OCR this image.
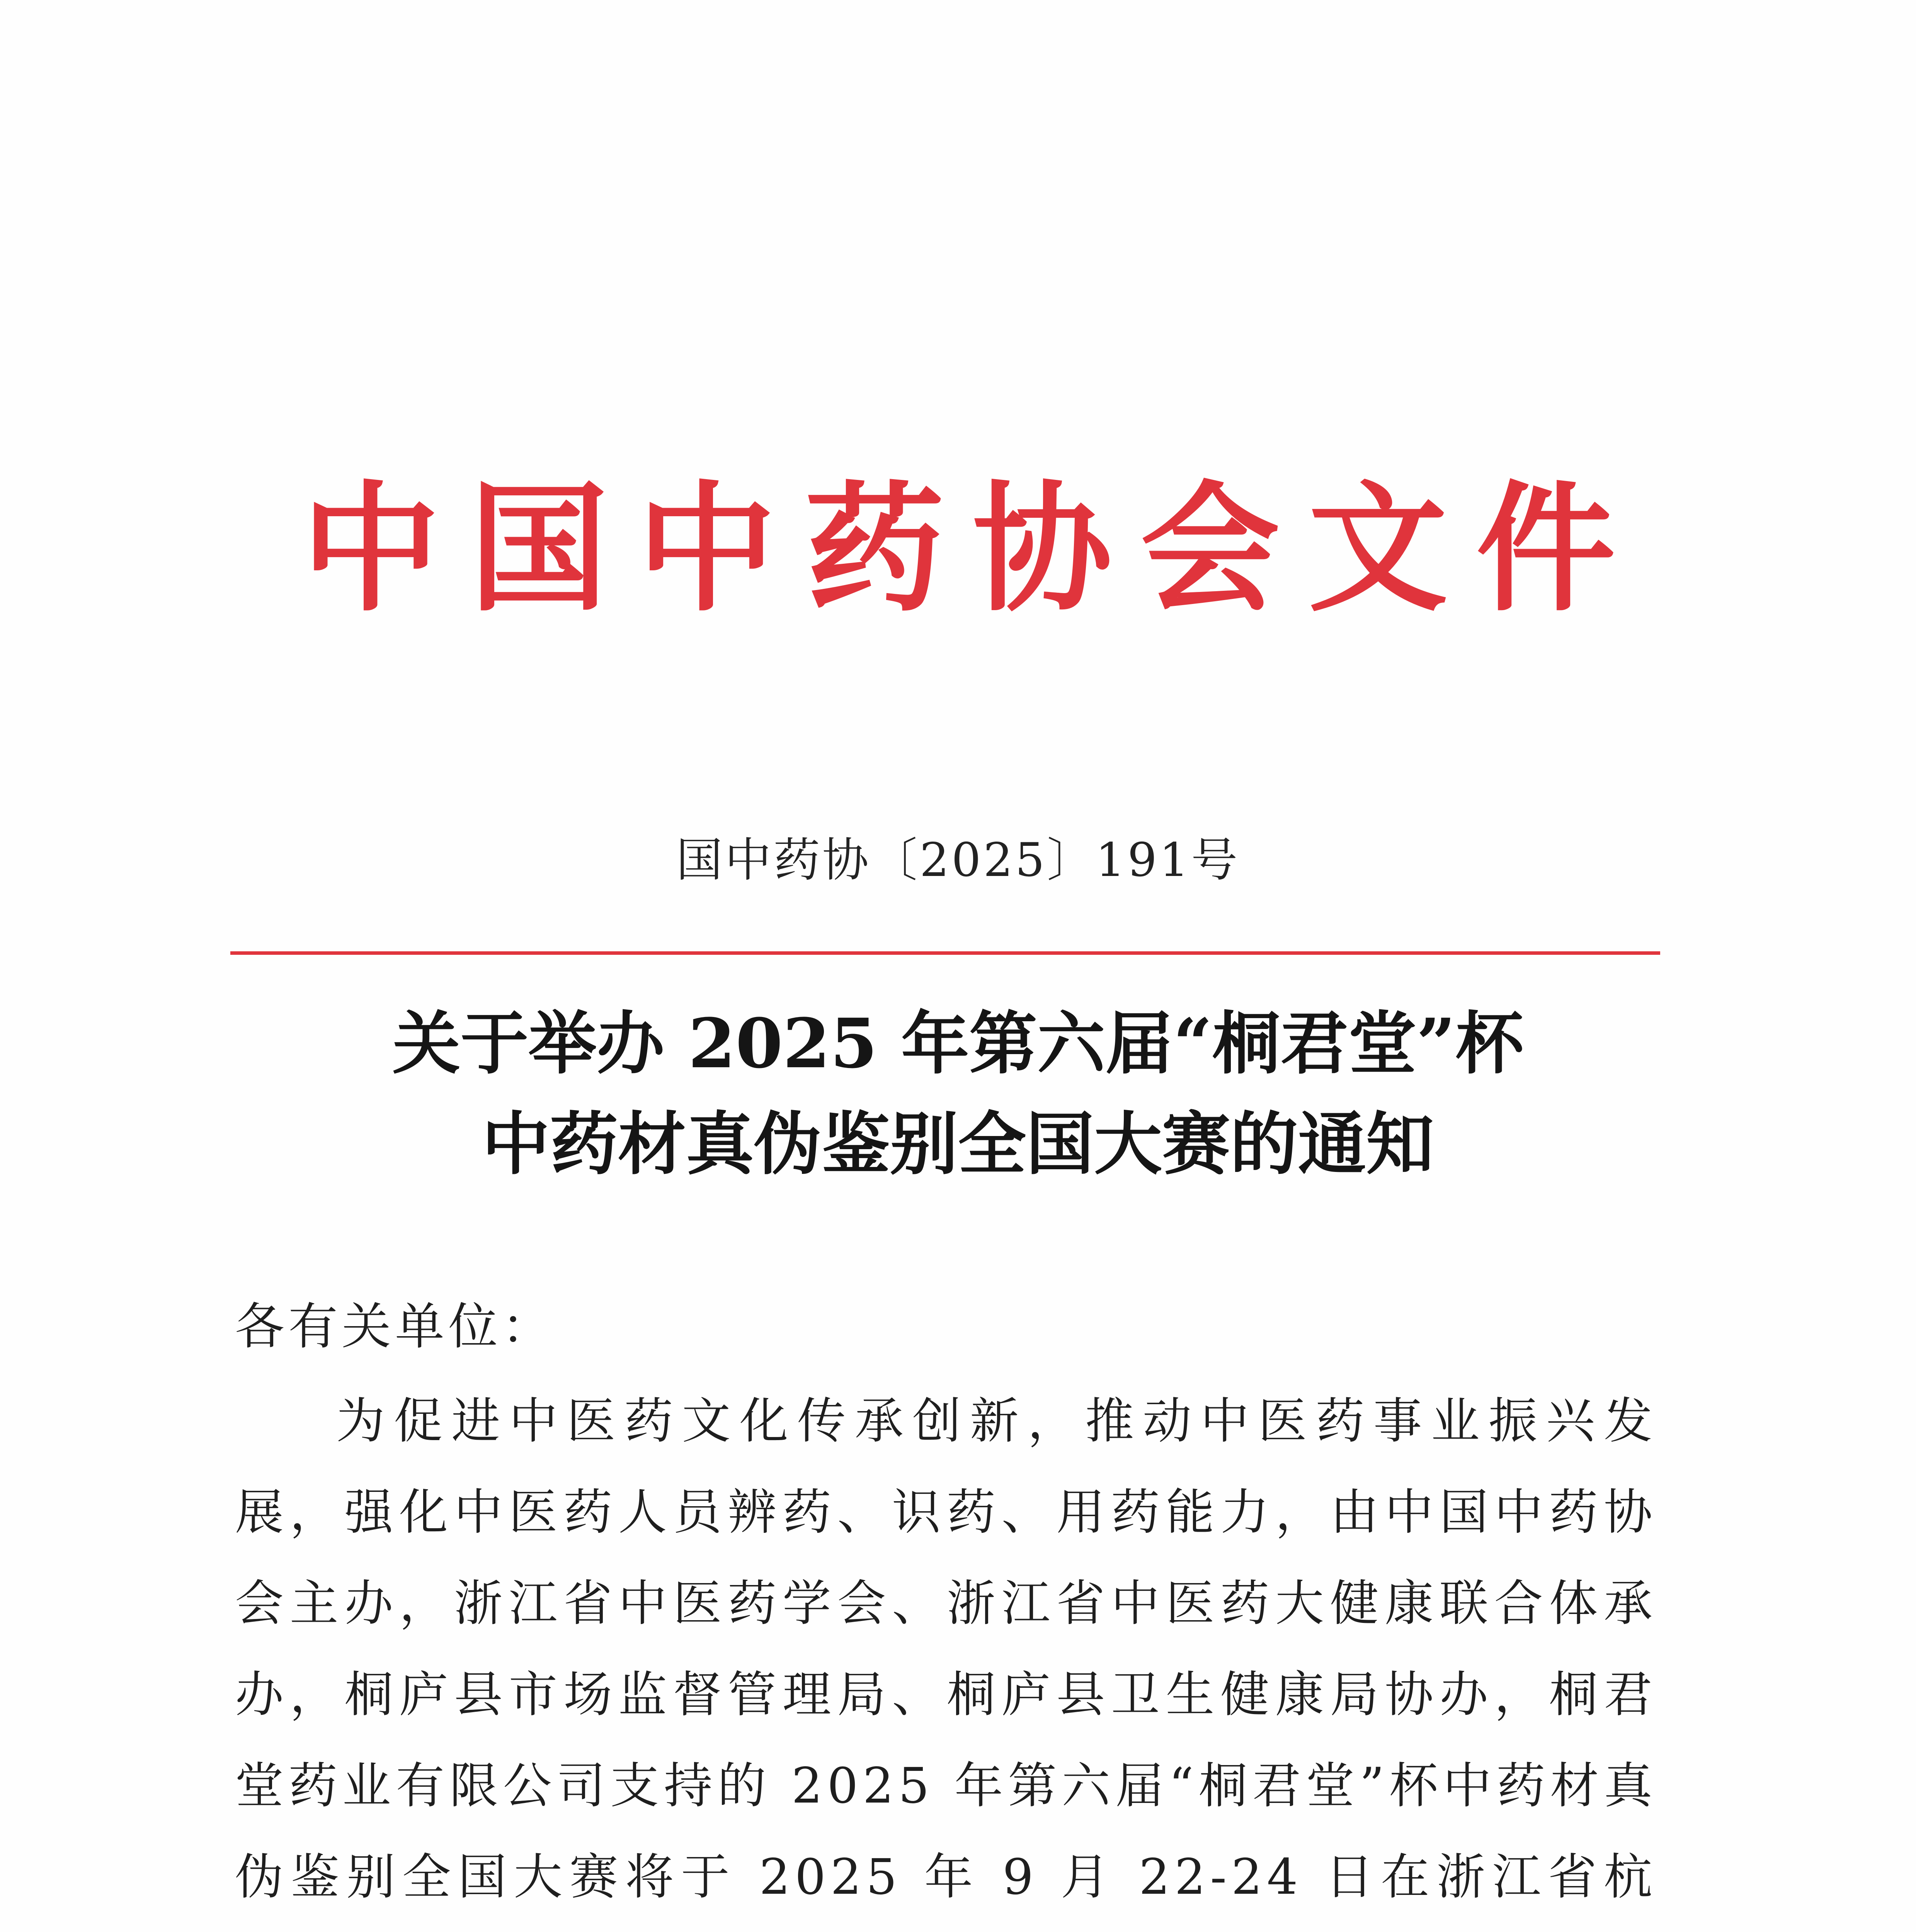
中 国 中 药 协 会 文 件
国中药协〔2025〕191号
关于举办 2025 年第六届“桐君堂”杯
中药材真伪鉴别全国大赛的通知
各有关单位：
为促进中医药文化传承创新，推动中医药事业振兴发展，强化中医药人员辨药、识药、用药能力，由中国中药协会主办，浙江省中医药学会、浙江省中医药大健康联合体承办，桐庐县市场监督管理局、桐庐县卫生健康局协办，桐君堂药业有限公司支持的 2025 年第六届“桐君堂”杯中药材真伪鉴别全国大赛将于 2025 年 9 月 22-24 日在浙江省杭
